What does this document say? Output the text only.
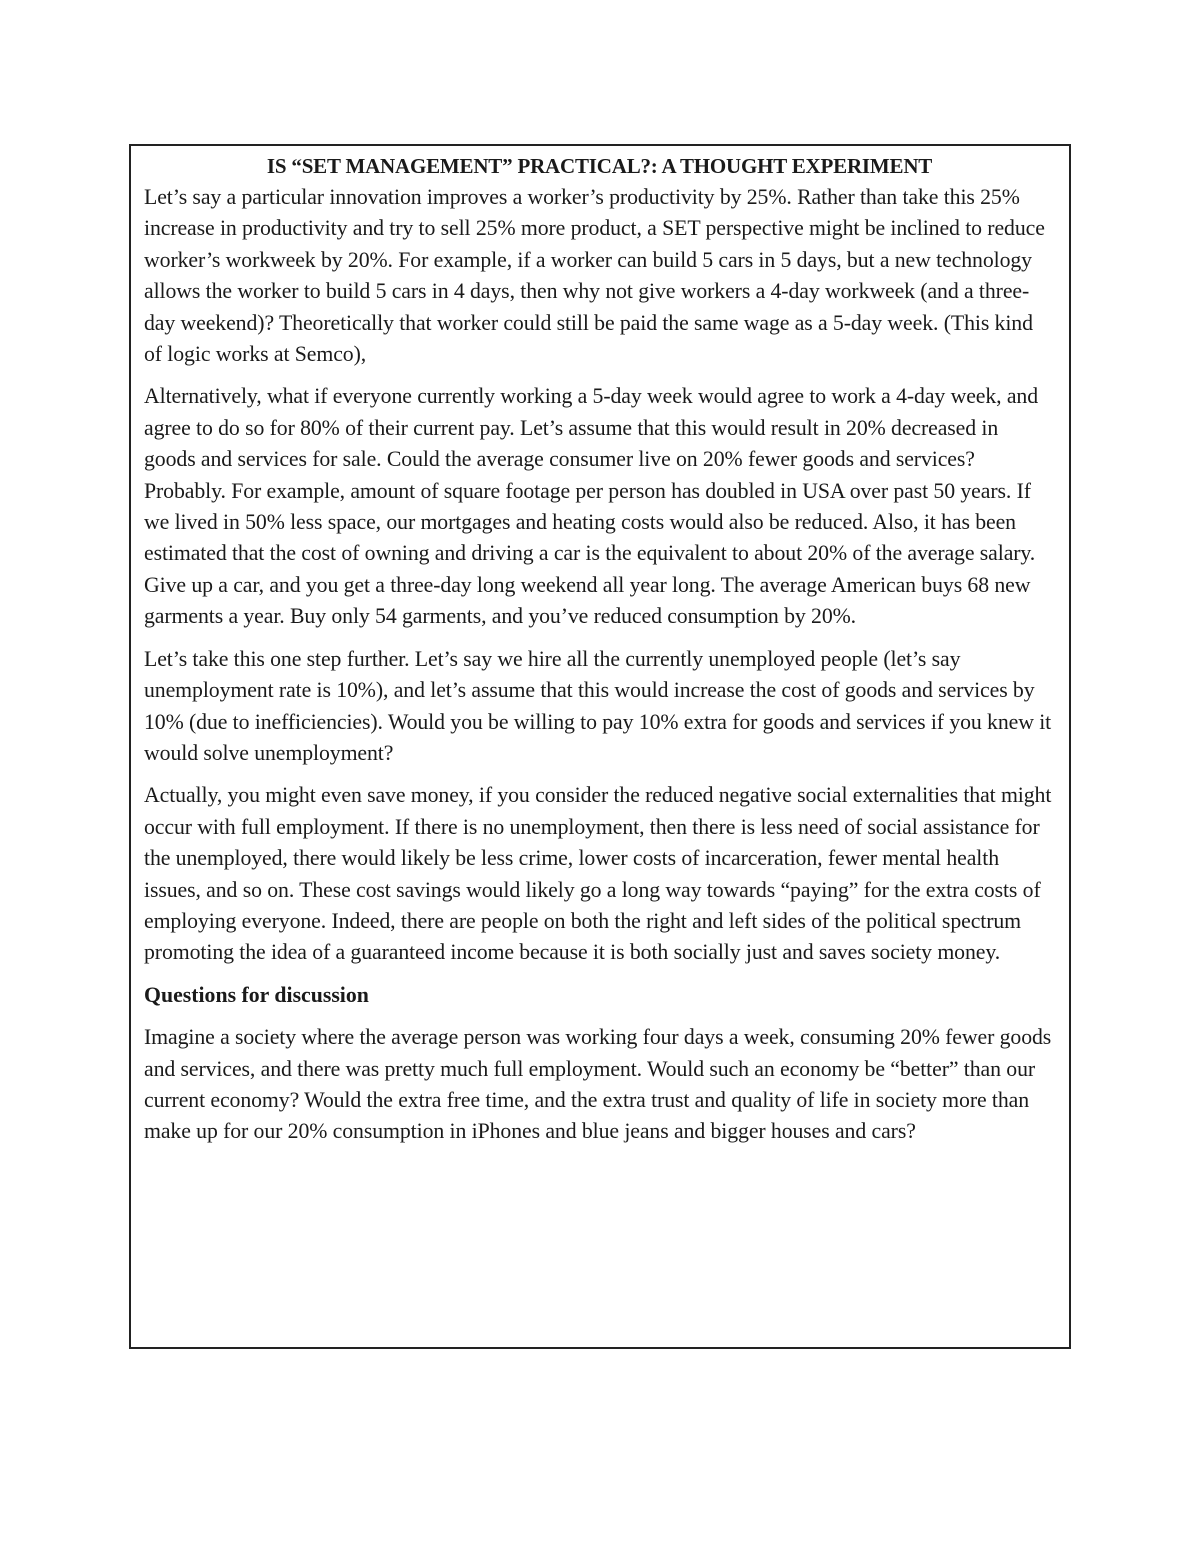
IS “SET MANAGEMENT” PRACTICAL?: A THOUGHT EXPERIMENT

Let’s say a particular innovation improves a worker’s productivity by 25%. Rather than take this 25% increase in productivity and try to sell 25% more product, a SET perspective might be inclined to reduce worker’s workweek by 20%. For example, if a worker can build 5 cars in 5 days, but a new technology allows the worker to build 5 cars in 4 days, then why not give workers a 4-day workweek (and a three-day weekend)? Theoretically that worker could still be paid the same wage as a 5-day week. (This kind of logic works at Semco),

Alternatively, what if everyone currently working a 5-day week would agree to work a 4-day week, and agree to do so for 80% of their current pay. Let’s assume that this would result in 20% decreased in goods and services for sale. Could the average consumer live on 20% fewer goods and services? Probably. For example, amount of square footage per person has doubled in USA over past 50 years. If we lived in 50% less space, our mortgages and heating costs would also be reduced. Also, it has been estimated that the cost of owning and driving a car is the equivalent to about 20% of the average salary. Give up a car, and you get a three-day long weekend all year long. The average American buys 68 new garments a year. Buy only 54 garments, and you’ve reduced consumption by 20%.

Let’s take this one step further. Let’s say we hire all the currently unemployed people (let’s say unemployment rate is 10%), and let’s assume that this would increase the cost of goods and services by 10% (due to inefficiencies). Would you be willing to pay 10% extra for goods and services if you knew it would solve unemployment?

Actually, you might even save money, if you consider the reduced negative social externalities that might occur with full employment. If there is no unemployment, then there is less need of social assistance for the unemployed, there would likely be less crime, lower costs of incarceration, fewer mental health issues, and so on. These cost savings would likely go a long way towards “paying” for the extra costs of employing everyone. Indeed, there are people on both the right and left sides of the political spectrum promoting the idea of a guaranteed income because it is both socially just and saves society money.

Questions for discussion

Imagine a society where the average person was working four days a week, consuming 20% fewer goods and services, and there was pretty much full employment. Would such an economy be “better” than our current economy? Would the extra free time, and the extra trust and quality of life in society more than make up for our 20% consumption in iPhones and blue jeans and bigger houses and cars?
